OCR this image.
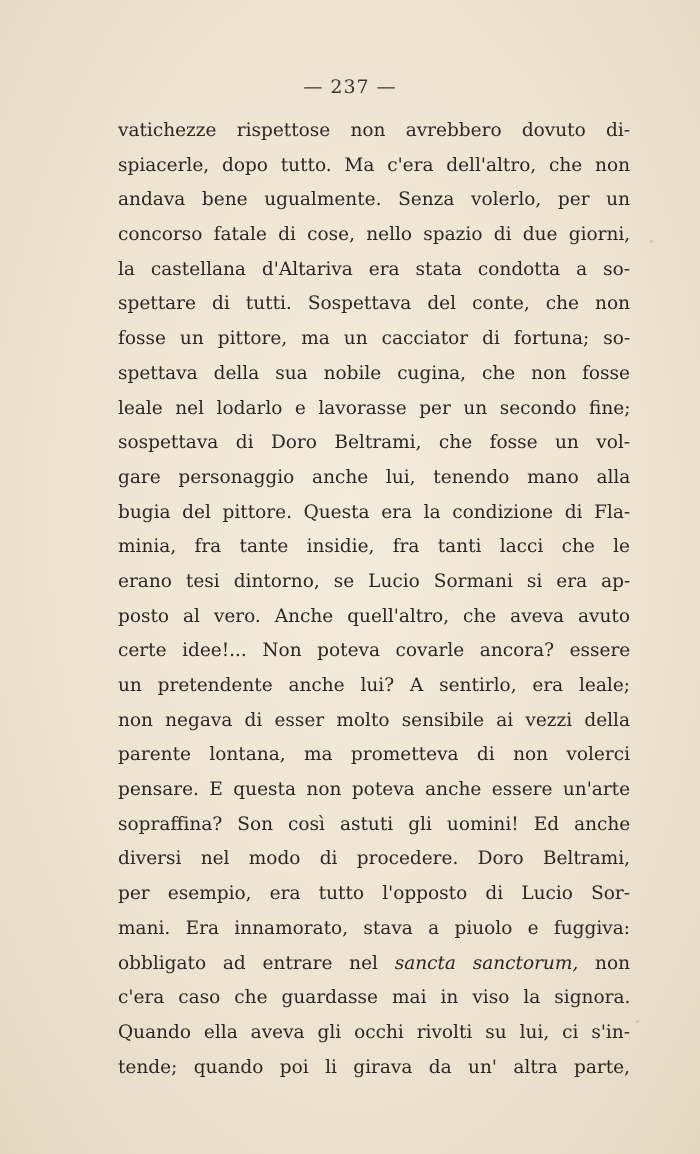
— 237 —
vatichezze rispettose non avrebbero dovuto di-
spiacerle, dopo tutto. Ma c'era dell'altro, che non
andava bene ugualmente. Senza volerlo, per un
concorso fatale di cose, nello spazio di due giorni,
la castellana d'Altariva era stata condotta a so-
spettare di tutti. Sospettava del conte, che non
fosse un pittore, ma un cacciator di fortuna; so-
spettava della sua nobile cugina, che non fosse
leale nel lodarlo e lavorasse per un secondo fine;
sospettava di Doro Beltrami, che fosse un vol-
gare personaggio anche lui, tenendo mano alla
bugia del pittore. Questa era la condizione di Fla-
minia, fra tante insidie, fra tanti lacci che le
erano tesi dintorno, se Lucio Sormani si era ap-
posto al vero. Anche quell'altro, che aveva avuto
certe idee!... Non poteva covarle ancora? essere
un pretendente anche lui? A sentirlo, era leale;
non negava di esser molto sensibile ai vezzi della
parente lontana, ma prometteva di non volerci
pensare. E questa non poteva anche essere un'arte
sopraffina? Son così astuti gli uomini! Ed anche
diversi nel modo di procedere. Doro Beltrami,
per esempio, era tutto l'opposto di Lucio Sor-
mani. Era innamorato, stava a piuolo e fuggiva:
obbligato ad entrare nel sancta sanctorum, non
c'era caso che guardasse mai in viso la signora.
Quando ella aveva gli occhi rivolti su lui, ci s'in-
tende; quando poi li girava da un' altra parte,
